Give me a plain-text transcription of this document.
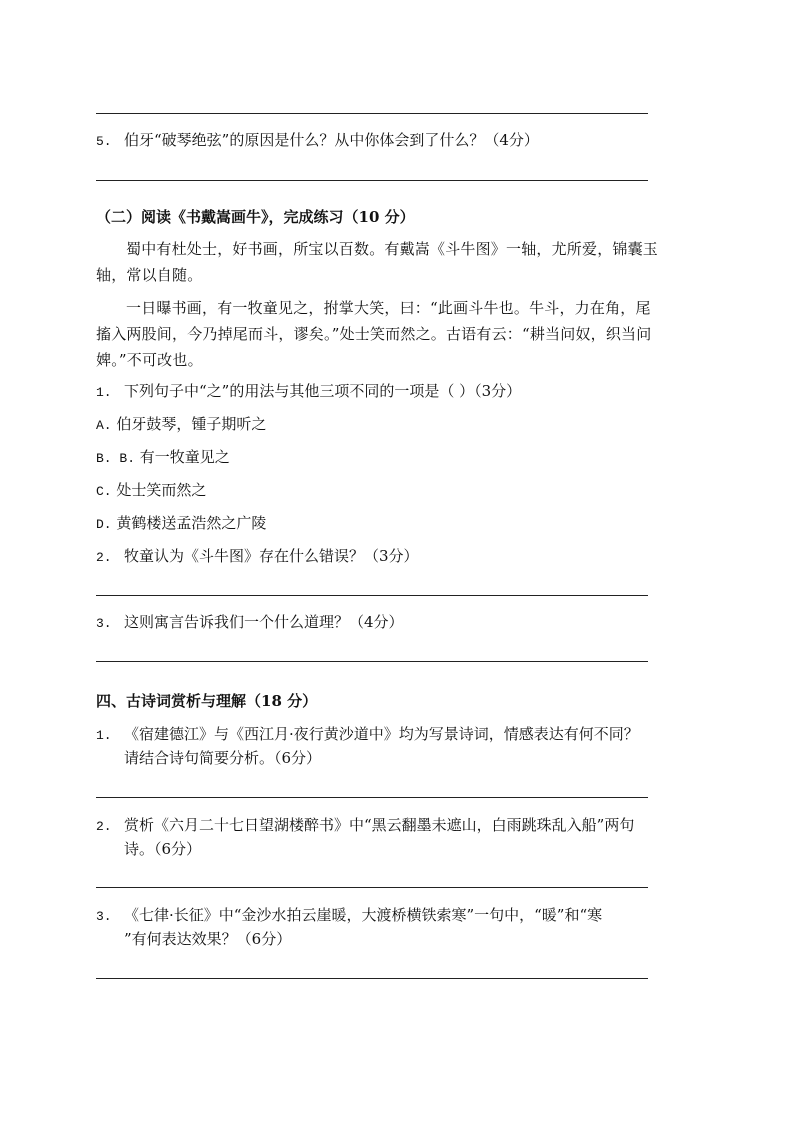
5. 伯牙“破琴绝弦”的原因是什么？从中你体会到了什么？（4分）
（二）阅读《书戴嵩画牛》，完成练习（10 分）
蜀中有杜处士，好书画，所宝以百数。有戴嵩《斗牛图》一轴，尤所爱，锦囊玉轴，常以自随。
一日曝书画，有一牧童见之，拊掌大笑，曰：“此画斗牛也。牛斗，力在角，尾搐入两股间，今乃掉尾而斗，谬矣。”处士笑而然之。古语有云：“耕当问奴，织当问婢。”不可改也。
1. 下列句子中“之”的用法与其他三项不同的一项是（ ）（3分）
A. 伯牙鼓琴，锺子期听之
B. B. 有一牧童见之
C. 处士笑而然之
D. 黄鹤楼送孟浩然之广陵
2. 牧童认为《斗牛图》存在什么错误？（3分）
3. 这则寓言告诉我们一个什么道理？（4分）
四、古诗词赏析与理解（18 分）
1. 《宿建德江》与《西江月·夜行黄沙道中》均为写景诗词，情感表达有何不同？
请结合诗句简要分析。（6分）
2. 赏析《六月二十七日望湖楼醉书》中“黑云翻墨未遮山，白雨跳珠乱入船”两句
诗。（6分）
3. 《七律·长征》中“金沙水拍云崖暖，大渡桥横铁索寒”一句中，“暖”和“寒
”有何表达效果？（6分）
